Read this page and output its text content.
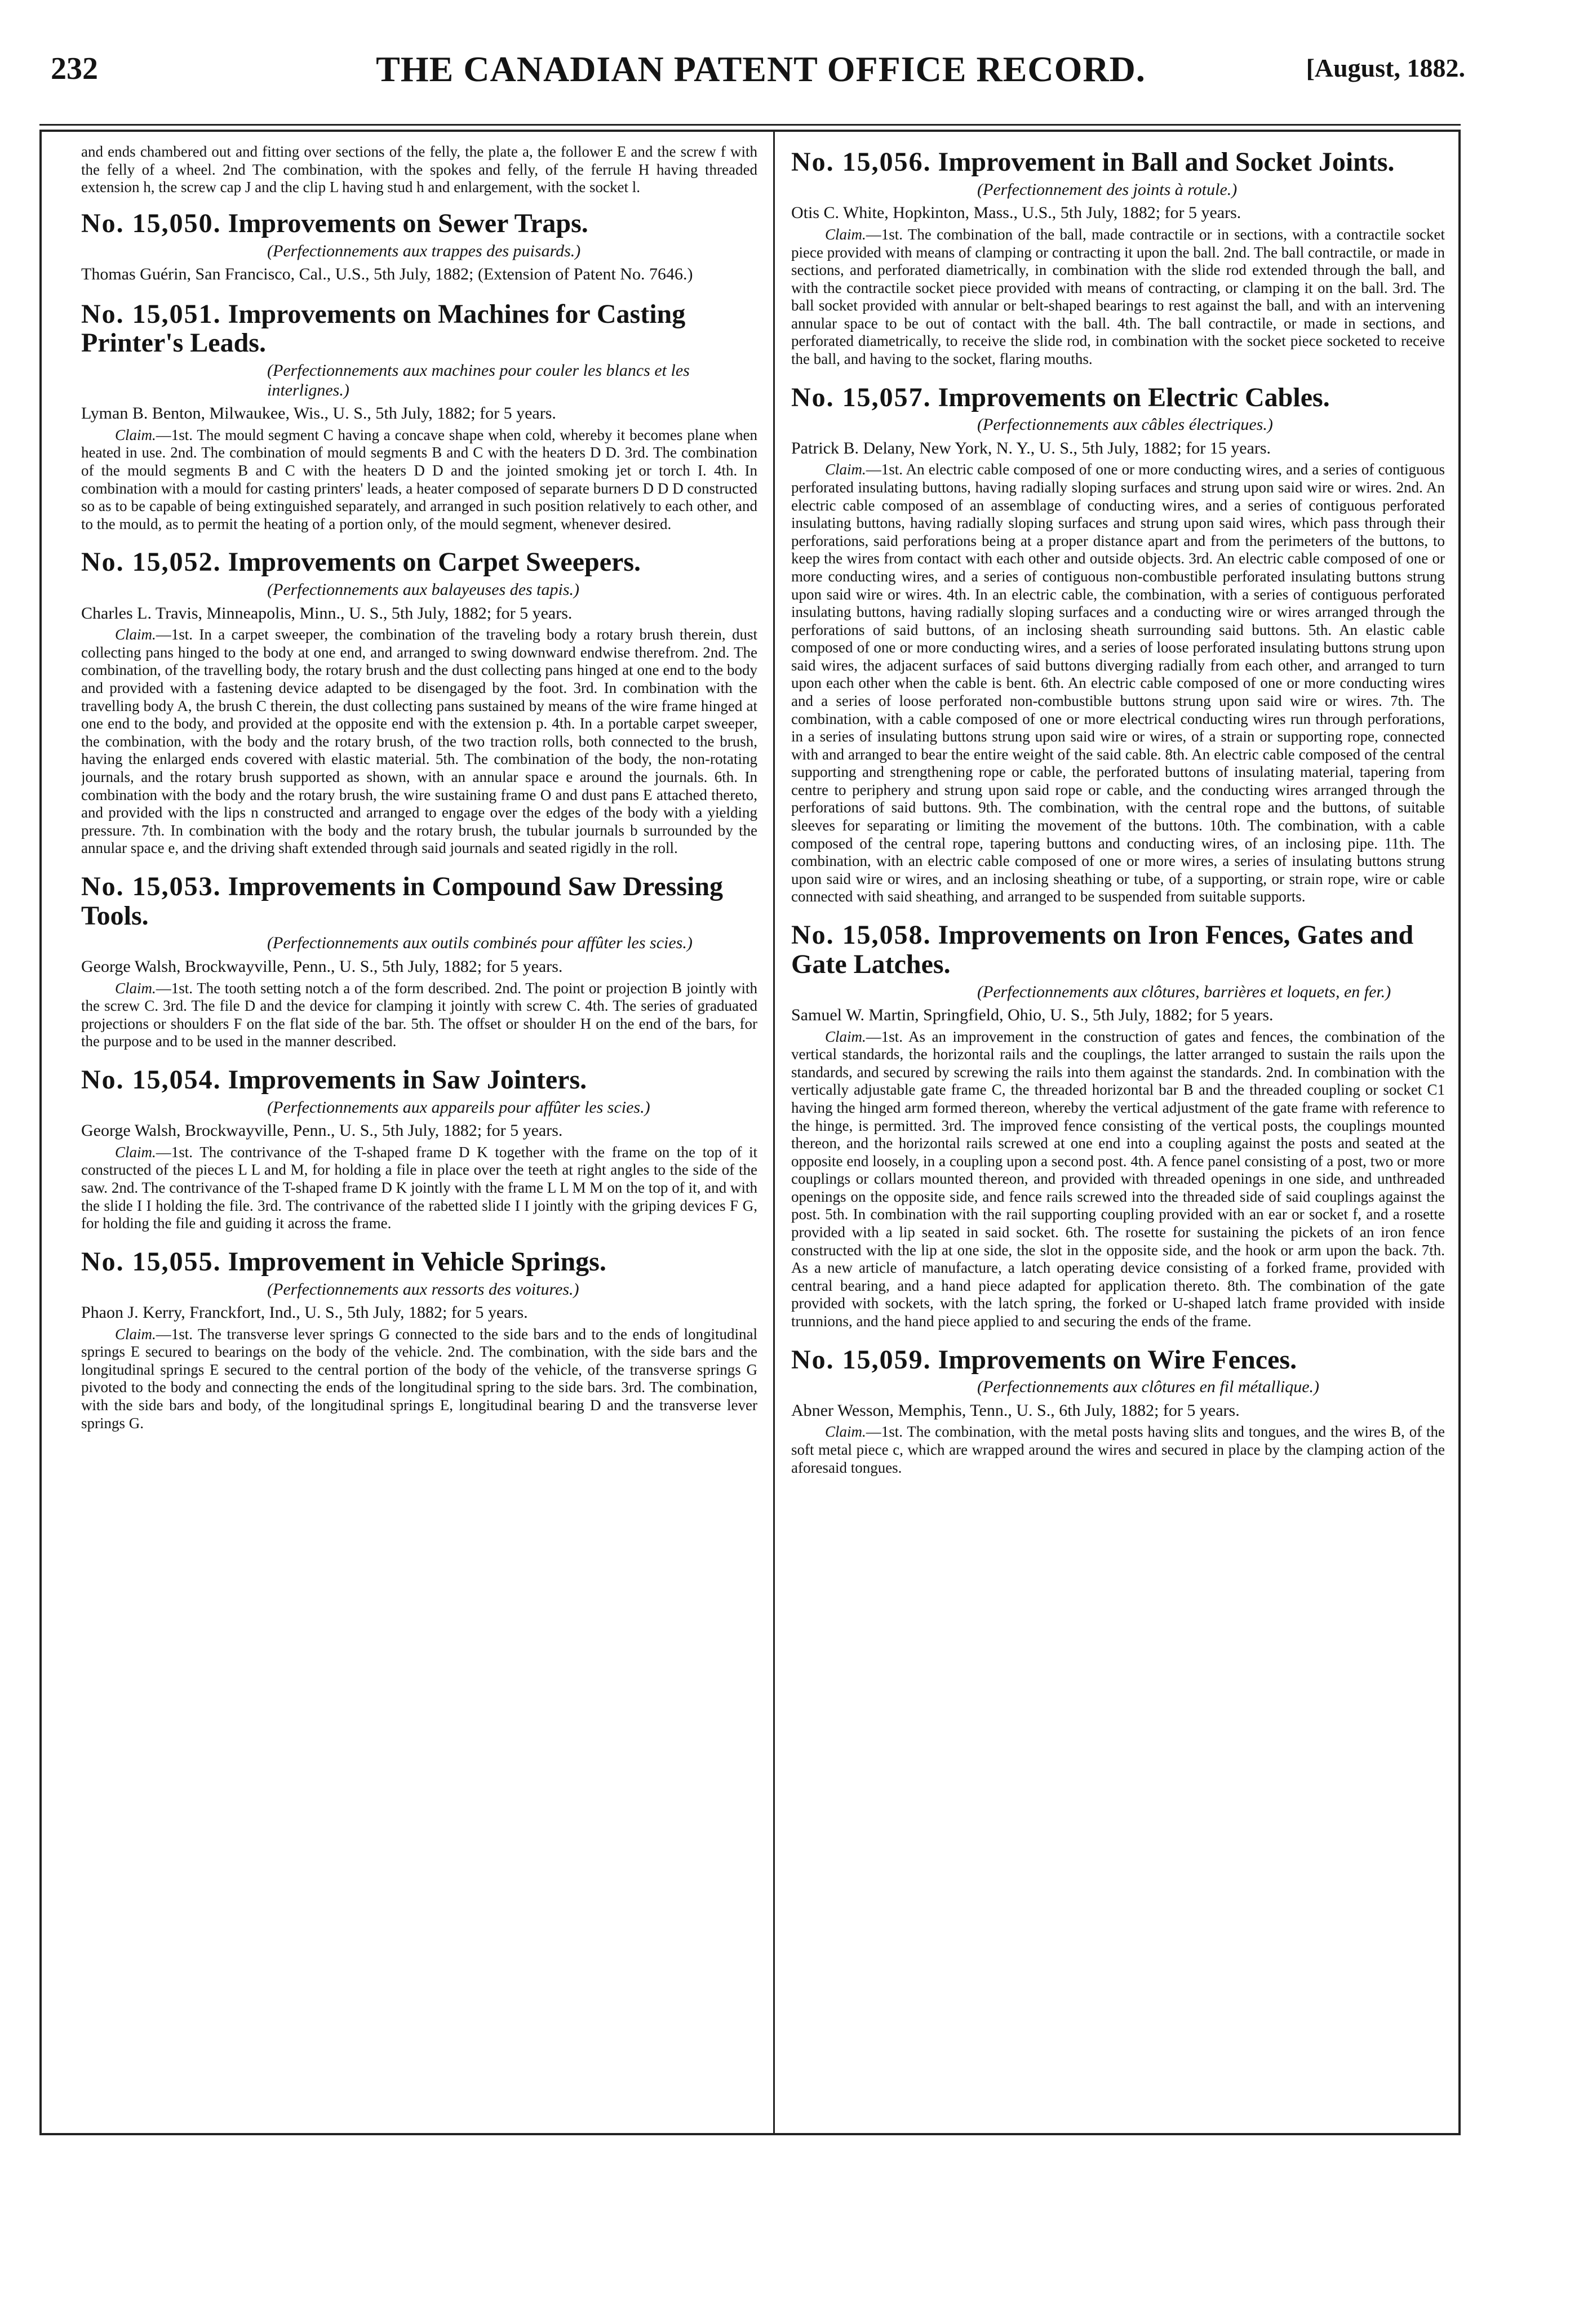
232	THE CANADIAN PATENT OFFICE RECORD.	[August, 1882.

and ends chambered out and fitting over sections of the felly, the plate a, the follower E and the screw f with the felly of a wheel. 2nd The combination, with the spokes and felly, of the ferrule H having threaded extension h, the screw cap J and the clip L having stud h and enlargement, with the socket l.

No. 15,050. Improvements on Sewer Traps.
(Perfectionnements aux trappes des puisards.)

Thomas Guérin, San Francisco, Cal., U.S., 5th July, 1882; (Extension of Patent No. 7646.)

No. 15,051. Improvements on Machines for Casting Printer's Leads.
(Perfectionnements aux machines pour couler les blancs et les interlignes.)

Lyman B. Benton, Milwaukee, Wis., U. S., 5th July, 1882; for 5 years.

Claim.—1st. The mould segment C having a concave shape when cold, whereby it becomes plane when heated in use. 2nd. The combination of mould segments B and C with the heaters D D. 3rd. The combination of the mould segments B and C with the heaters D D and the jointed smoking jet or torch I. 4th. In combination with a mould for casting printers' leads, a heater composed of separate burners D D D constructed so as to be capable of being extinguished separately, and arranged in such position relatively to each other, and to the mould, as to permit the heating of a portion only, of the mould segment, whenever desired.

No. 15,052. Improvements on Carpet Sweepers.
(Perfectionnements aux balayeuses des tapis.)

Charles L. Travis, Minneapolis, Minn., U. S., 5th July, 1882; for 5 years.

Claim.—1st. In a carpet sweeper, the combination of the traveling body a rotary brush therein, dust collecting pans hinged to the body at one end, and arranged to swing downward endwise therefrom. 2nd. The combination, of the travelling body, the rotary brush and the dust collecting pans hinged at one end to the body and provided with a fastening device adapted to be disengaged by the foot. 3rd. In combination with the travelling body A, the brush C therein, the dust collecting pans sustained by means of the wire frame hinged at one end to the body, and provided at the opposite end with the extension p. 4th. In a portable carpet sweeper, the combination, with the body and the rotary brush, of the two traction rolls, both connected to the brush, having the enlarged ends covered with elastic material. 5th. The combination of the body, the non-rotating journals, and the rotary brush supported as shown, with an annular space e around the journals. 6th. In combination with the body and the rotary brush, the wire sustaining frame O and dust pans E attached thereto, and provided with the lips n constructed and arranged to engage over the edges of the body with a yielding pressure. 7th. In combination with the body and the rotary brush, the tubular journals b surrounded by the annular space e, and the driving shaft extended through said journals and seated rigidly in the roll.

No. 15,053. Improvements in Compound Saw Dressing Tools.
(Perfectionnements aux outils combinés pour affûter les scies.)

George Walsh, Brockwayville, Penn., U. S., 5th July, 1882; for 5 years.

Claim.—1st. The tooth setting notch a of the form described. 2nd. The point or projection B jointly with the screw C. 3rd. The file D and the device for clamping it jointly with screw C. 4th. The series of graduated projections or shoulders F on the flat side of the bar. 5th. The offset or shoulder H on the end of the bars, for the purpose and to be used in the manner described.

No. 15,054. Improvements in Saw Jointers.
(Perfectionnements aux appareils pour affûter les scies.)

George Walsh, Brockwayville, Penn., U. S., 5th July, 1882; for 5 years.

Claim.—1st. The contrivance of the T-shaped frame D K together with the frame on the top of it constructed of the pieces L L and M, for holding a file in place over the teeth at right angles to the side of the saw. 2nd. The contrivance of the T-shaped frame D K jointly with the frame L L M M on the top of it, and with the slide I I holding the file. 3rd. The contrivance of the rabetted slide I I jointly with the griping devices F G, for holding the file and guiding it across the frame.

No. 15,055. Improvement in Vehicle Springs.
(Perfectionnements aux ressorts des voitures.)

Phaon J. Kerry, Franckfort, Ind., U. S., 5th July, 1882; for 5 years.

Claim.—1st. The transverse lever springs G connected to the side bars and to the ends of longitudinal springs E secured to bearings on the body of the vehicle. 2nd. The combination, with the side bars and the longitudinal springs E secured to the central portion of the body of the vehicle, of the transverse springs G pivoted to the body and connecting the ends of the longitudinal spring to the side bars. 3rd. The combination, with the side bars and body, of the longitudinal springs E, longitudinal bearing D and the transverse lever springs G.

No. 15,056. Improvement in Ball and Socket Joints.
(Perfectionnement des joints à rotule.)

Otis C. White, Hopkinton, Mass., U.S., 5th July, 1882; for 5 years.

Claim.—1st. The combination of the ball, made contractile or in sections, with a contractile socket piece provided with means of clamping or contracting it upon the ball. 2nd. The ball contractile, or made in sections, and perforated diametrically, in combination with the slide rod extended through the ball, and with the contractile socket piece provided with means of contracting, or clamping it on the ball. 3rd. The ball socket provided with annular or belt-shaped bearings to rest against the ball, and with an intervening annular space to be out of contact with the ball. 4th. The ball contractile, or made in sections, and perforated diametrically, to receive the slide rod, in combination with the socket piece socketed to receive the ball, and having to the socket, flaring mouths.

No. 15,057. Improvements on Electric Cables.
(Perfectionnements aux câbles électriques.)

Patrick B. Delany, New York, N. Y., U. S., 5th July, 1882; for 15 years.

Claim.—1st. An electric cable composed of one or more conducting wires, and a series of contiguous perforated insulating buttons, having radially sloping surfaces and strung upon said wire or wires. 2nd. An electric cable composed of an assemblage of conducting wires, and a series of contiguous perforated insulating buttons, having radially sloping surfaces and strung upon said wires, which pass through their perforations, said perforations being at a proper distance apart and from the perimeters of the buttons, to keep the wires from contact with each other and outside objects. 3rd. An electric cable composed of one or more conducting wires, and a series of contiguous non-combustible perforated insulating buttons strung upon said wire or wires. 4th. In an electric cable, the combination, with a series of contiguous perforated insulating buttons, having radially sloping surfaces and a conducting wire or wires arranged through the perforations of said buttons, of an inclosing sheath surrounding said buttons. 5th. An elastic cable composed of one or more conducting wires, and a series of loose perforated insulating buttons strung upon said wires, the adjacent surfaces of said buttons diverging radially from each other, and arranged to turn upon each other when the cable is bent. 6th. An electric cable composed of one or more conducting wires and a series of loose perforated non-combustible buttons strung upon said wire or wires. 7th. The combination, with a cable composed of one or more electrical conducting wires run through perforations, in a series of insulating buttons strung upon said wire or wires, of a strain or supporting rope, connected with and arranged to bear the entire weight of the said cable. 8th. An electric cable composed of the central supporting and strengthening rope or cable, the perforated buttons of insulating material, tapering from centre to periphery and strung upon said rope or cable, and the conducting wires arranged through the perforations of said buttons. 9th. The combination, with the central rope and the buttons, of suitable sleeves for separating or limiting the movement of the buttons. 10th. The combination, with a cable composed of the central rope, tapering buttons and conducting wires, of an inclosing pipe. 11th. The combination, with an electric cable composed of one or more wires, a series of insulating buttons strung upon said wire or wires, and an inclosing sheathing or tube, of a supporting, or strain rope, wire or cable connected with said sheathing, and arranged to be suspended from suitable supports.

No. 15,058. Improvements on Iron Fences, Gates and Gate Latches.
(Perfectionnements aux clôtures, barrières et loquets, en fer.)

Samuel W. Martin, Springfield, Ohio, U. S., 5th July, 1882; for 5 years.

Claim.—1st. As an improvement in the construction of gates and fences, the combination of the vertical standards, the horizontal rails and the couplings, the latter arranged to sustain the rails upon the standards, and secured by screwing the rails into them against the standards. 2nd. In combination with the vertically adjustable gate frame C, the threaded horizontal bar B and the threaded coupling or socket C1 having the hinged arm formed thereon, whereby the vertical adjustment of the gate frame with reference to the hinge, is permitted. 3rd. The improved fence consisting of the vertical posts, the couplings mounted thereon, and the horizontal rails screwed at one end into a coupling against the posts and seated at the opposite end loosely, in a coupling upon a second post. 4th. A fence panel consisting of a post, two or more couplings or collars mounted thereon, and provided with threaded openings in one side, and unthreaded openings on the opposite side, and fence rails screwed into the threaded side of said couplings against the post. 5th. In combination with the rail supporting coupling provided with an ear or socket f, and a rosette provided with a lip seated in said socket. 6th. The rosette for sustaining the pickets of an iron fence constructed with the lip at one side, the slot in the opposite side, and the hook or arm upon the back. 7th. As a new article of manufacture, a latch operating device consisting of a forked frame, provided with central bearing, and a hand piece adapted for application thereto. 8th. The combination of the gate provided with sockets, with the latch spring, the forked or U-shaped latch frame provided with inside trunnions, and the hand piece applied to and securing the ends of the frame.

No. 15,059. Improvements on Wire Fences.
(Perfectionnements aux clôtures en fil métallique.)

Abner Wesson, Memphis, Tenn., U. S., 6th July, 1882; for 5 years.

Claim.—1st. The combination, with the metal posts having slits and tongues, and the wires B, of the soft metal piece c, which are wrapped around the wires and secured in place by the clamping action of the aforesaid tongues.
